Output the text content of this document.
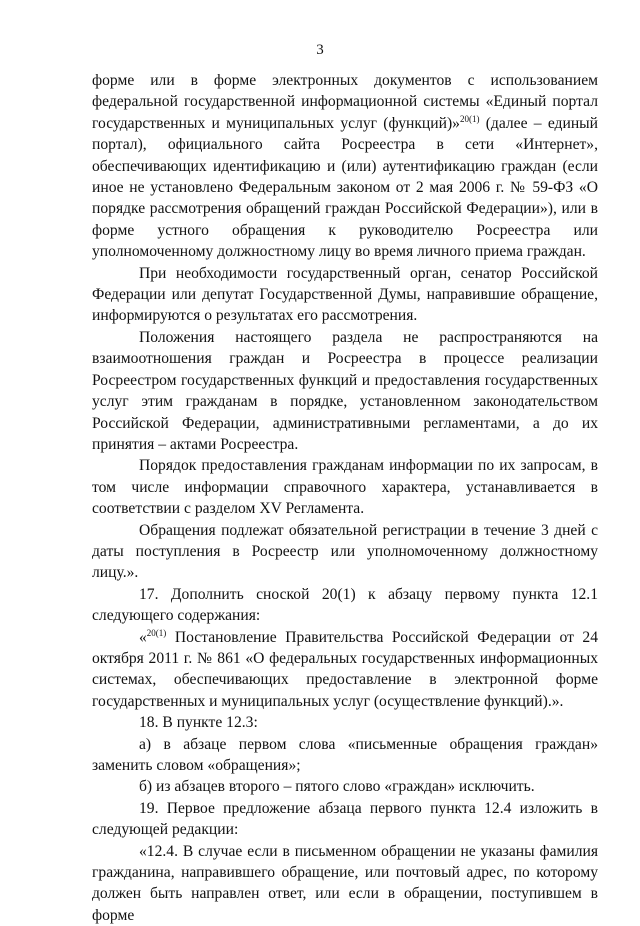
3

форме или в форме электронных документов с использованием федеральной государственной информационной системы «Единый портал государственных и муниципальных услуг (функций)»$^{20(1)}$ (далее – единый портал), официального сайта Росреестра в сети «Интернет», обеспечивающих идентификацию и (или) аутентификацию граждан (если иное не установлено Федеральным законом от 2 мая 2006 г. № 59-ФЗ «О порядке рассмотрения обращений граждан Российской Федерации»), или в форме устного обращения к руководителю Росреестра или уполномоченному должностному лицу во время личного приема граждан.

При необходимости государственный орган, сенатор Российской Федерации или депутат Государственной Думы, направившие обращение, информируются о результатах его рассмотрения.

Положения настоящего раздела не распространяются на взаимоотношения граждан и Росреестра в процессе реализации Росреестром государственных функций и предоставления государственных услуг этим гражданам в порядке, установленном законодательством Российской Федерации, административными регламентами, а до их принятия – актами Росреестра.

Порядок предоставления гражданам информации по их запросам, в том числе информации справочного характера, устанавливается в соответствии с разделом XV Регламента.

Обращения подлежат обязательной регистрации в течение 3 дней с даты поступления в Росреестр или уполномоченному должностному лицу.».

17. Дополнить сноской 20(1) к абзацу первому пункта 12.1 следующего содержания:

«$^{20(1)}$ Постановление Правительства Российской Федерации от 24 октября 2011 г. № 861 «О федеральных государственных информационных системах, обеспечивающих предоставление в электронной форме государственных и муниципальных услуг (осуществление функций).».

18. В пункте 12.3:

а) в абзаце первом слова «письменные обращения граждан» заменить словом «обращения»;

б) из абзацев второго – пятого слово «граждан» исключить.

19. Первое предложение абзаца первого пункта 12.4 изложить в следующей редакции:

«12.4. В случае если в письменном обращении не указаны фамилия гражданина, направившего обращение, или почтовый адрес, по которому должен быть направлен ответ, или если в обращении, поступившем в форме
